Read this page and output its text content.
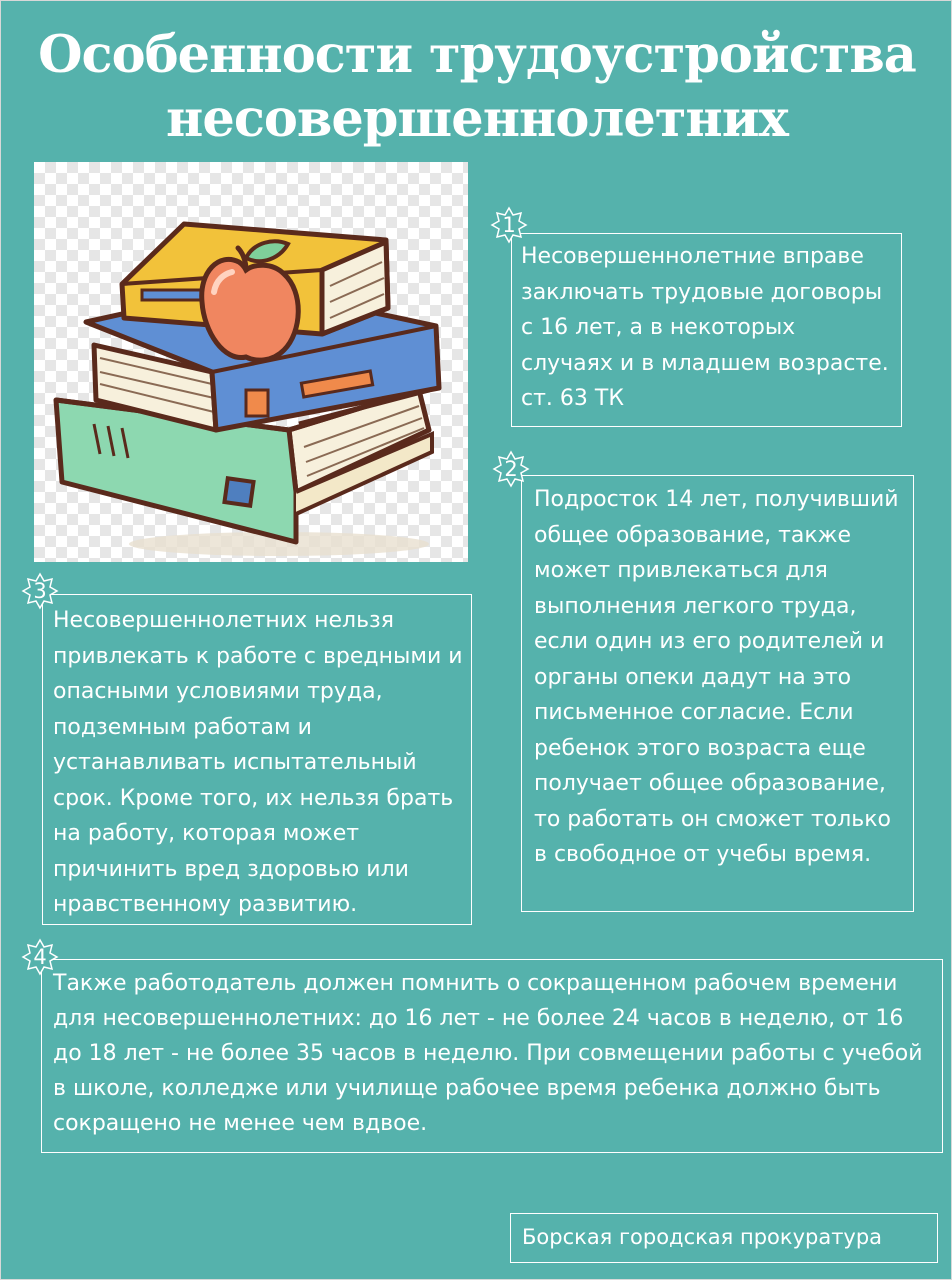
Особенности трудоустройства
несовершеннолетних

Несовершеннолетние вправе заключать трудовые договоры с 16 лет, а в некоторых случаях и в младшем возрасте. ст. 63 ТК

1

Подросток 14 лет, получивший общее образование, также может привлекаться для выполнения легкого труда, если один из его родителей и органы опеки дадут на это письменное согласие. Если ребенок этого возраста еще получает общее образование, то работать он сможет только в свободное от учебы время.

2

Несовершеннолетних нельзя привлекать к работе с вредными и опасными условиями труда, подземным работам и устанавливать испытательный срок. Кроме того, их нельзя брать на работу, которая может причинить вред здоровью или нравственному развитию.

3

Также работодатель должен помнить о сокращенном рабочем времени для несовершеннолетних: до 16 лет - не более 24 часов в неделю, от 16 до 18 лет - не более 35 часов в неделю. При совмещении работы с учебой в школе, колледже или училище рабочее время ребенка должно быть сокращено не менее чем вдвое.

4
Борская городская прокуратура
